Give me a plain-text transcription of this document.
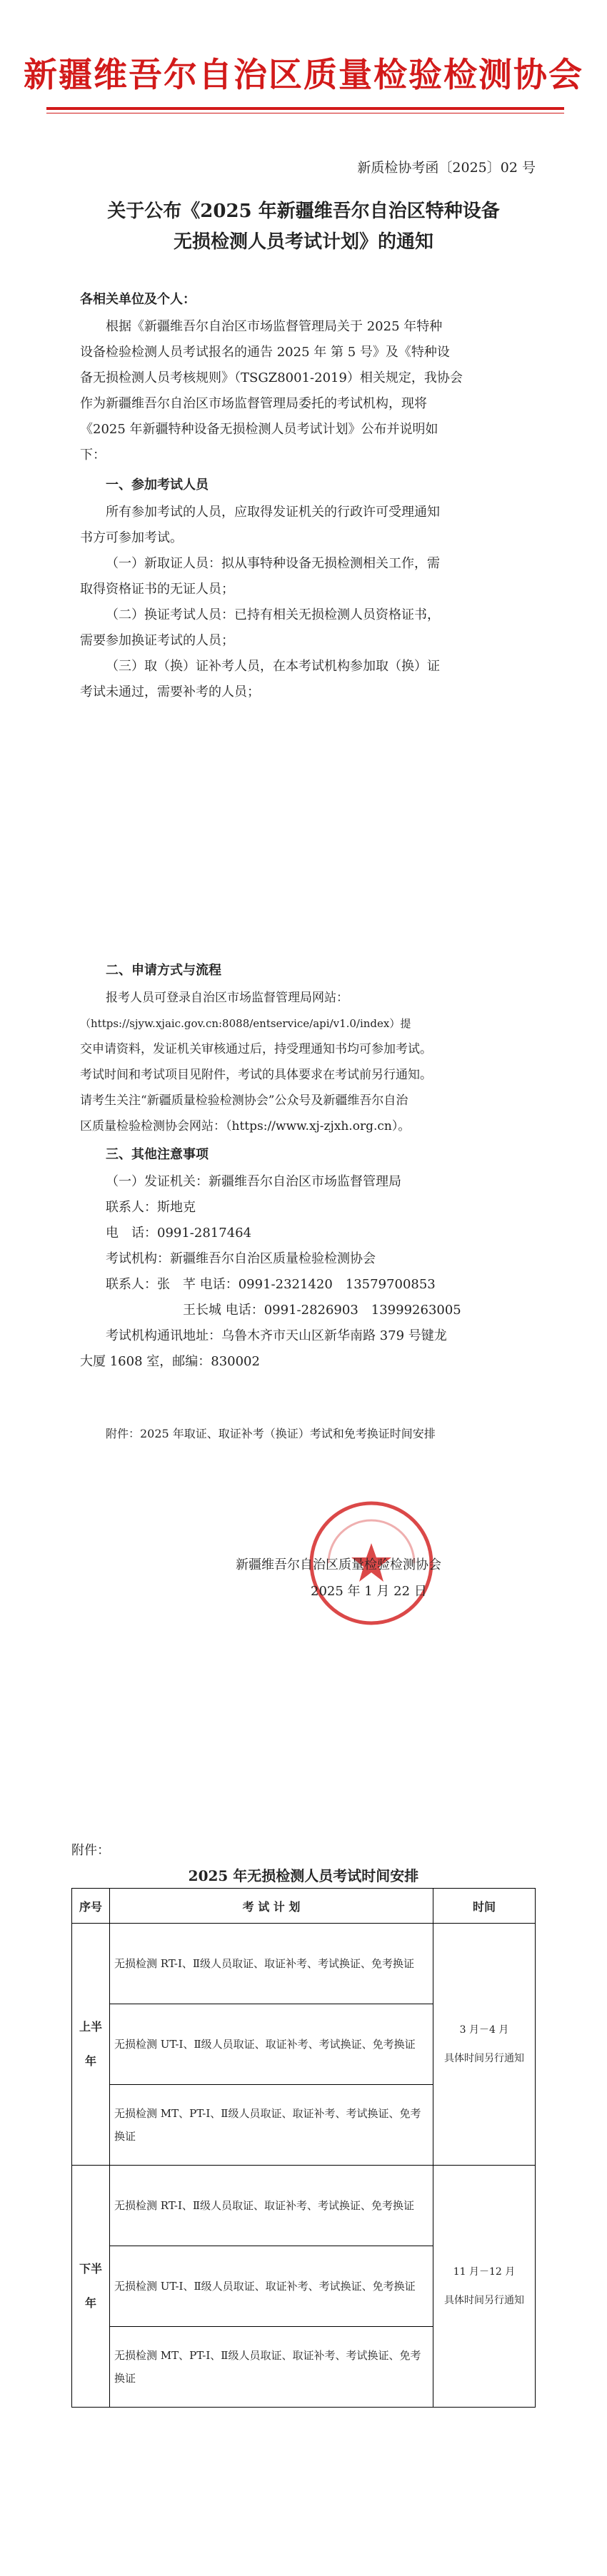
新疆维吾尔自治区质量检验检测协会
新质检协考函〔2025〕02 号
关于公布《2025 年新疆维吾尔自治区特种设备
无损检测人员考试计划》的通知
各相关单位及个人：
根据《新疆维吾尔自治区市场监督管理局关于 2025 年特种
设备检验检测人员考试报名的通告 2025 年 第 5 号》及《特种设
备无损检测人员考核规则》（TSGZ8001-2019）相关规定，我协会
作为新疆维吾尔自治区市场监督管理局委托的考试机构，现将
《2025 年新疆特种设备无损检测人员考试计划》公布并说明如
下：
一、参加考试人员
所有参加考试的人员，应取得发证机关的行政许可受理通知
书方可参加考试。
（一）新取证人员：拟从事特种设备无损检测相关工作，需
取得资格证书的无证人员；
（二）换证考试人员：已持有相关无损检测人员资格证书，
需要参加换证考试的人员；
（三）取（换）证补考人员，在本考试机构参加取（换）证
考试未通过，需要补考的人员；
二、申请方式与流程
报考人员可登录自治区市场监督管理局网站：
（https://sjyw.xjaic.gov.cn:8088/entservice/api/v1.0/index）提
交申请资料，发证机关审核通过后，持受理通知书均可参加考试。
考试时间和考试项目见附件，考试的具体要求在考试前另行通知。
请考生关注“新疆质量检验检测协会”公众号及新疆维吾尔自治
区质量检验检测协会网站：（https://www.xj-zjxh.org.cn）。
三、其他注意事项
（一）发证机关：新疆维吾尔自治区市场监督管理局
联系人：斯地克
电　话：0991-2817464
考试机构：新疆维吾尔自治区质量检验检测协会
联系人：张　芊 电话：0991-2321420　13579700853
王长城 电话：0991-2826903　13999263005
考试机构通讯地址：乌鲁木齐市天山区新华南路 379 号键龙
大厦 1608 室，邮编：830002
附件：2025 年取证、取证补考（换证）考试和免考换证时间安排
新疆维吾尔自治区质量检验检测协会
2025 年 1 月 22 日
附件：
2025 年无损检测人员考试时间安排
序号	考 试 计 划	时间
上半年	无损检测 RT-Ⅰ、Ⅱ级人员取证、取证补考、考试换证、免考换证	3 月－4 月
具体时间另行通知

	无损检测 UT-Ⅰ、Ⅱ级人员取证、取证补考、考试换证、免考换证	
	无损检测 MT、PT-Ⅰ、Ⅱ级人员取证、取证补考、考试换证、免考换证	
下半年	无损检测 RT-Ⅰ、Ⅱ级人员取证、取证补考、考试换证、免考换证	11 月－12 月
具体时间另行通知

	无损检测 UT-Ⅰ、Ⅱ级人员取证、取证补考、考试换证、免考换证	
	无损检测 MT、PT-Ⅰ、Ⅱ级人员取证、取证补考、考试换证、免考换证	
